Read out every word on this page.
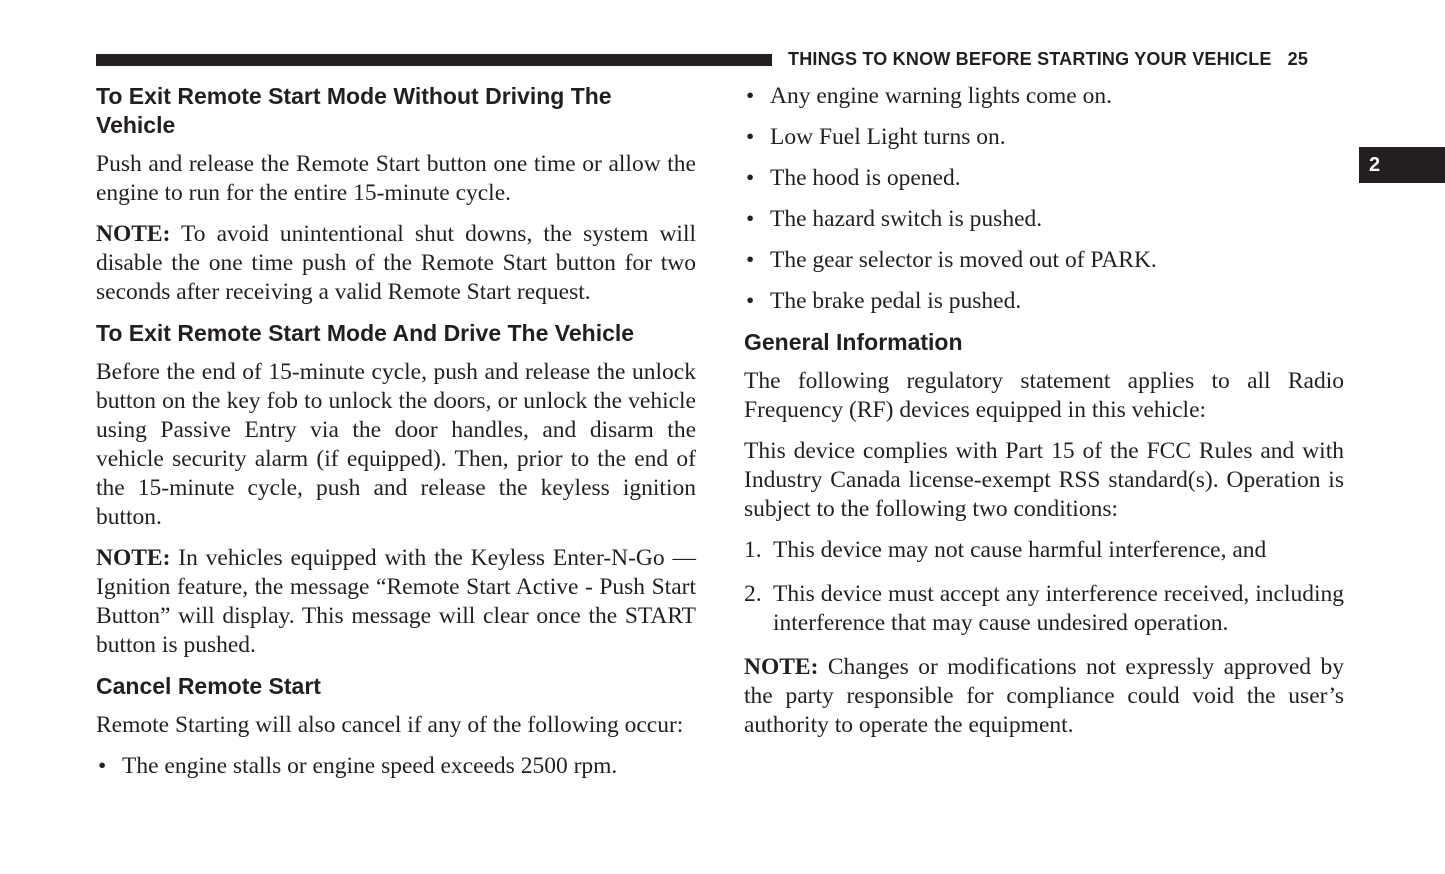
THINGS TO KNOW BEFORE STARTING YOUR VEHICLE 25
2
To Exit Remote Start Mode Without Driving The Vehicle

Push and release the Remote Start button one time or allow the engine to run for the entire 15-minute cycle.

NOTE: To avoid unintentional shut downs, the system will disable the one time push of the Remote Start button for two seconds after receiving a valid Remote Start request.

To Exit Remote Start Mode And Drive The Vehicle

Before the end of 15-minute cycle, push and release the unlock button on the key fob to unlock the doors, or unlock the vehicle using Passive Entry via the door handles, and disarm the vehicle security alarm (if equipped). Then, prior to the end of the 15-minute cycle, push and release the keyless ignition button.

NOTE: In vehicles equipped with the Keyless Enter-N-Go — Ignition feature, the message “Remote Start Active - Push Start Button” will display. This message will clear once the START button is pushed.

Cancel Remote Start

Remote Starting will also cancel if any of the following occur:

• The engine stalls or engine speed exceeds 2500 rpm.
• Any engine warning lights come on.
• Low Fuel Light turns on.
• The hood is opened.
• The hazard switch is pushed.
• The gear selector is moved out of PARK.
• The brake pedal is pushed.
General Information

The following regulatory statement applies to all Radio Frequency (RF) devices equipped in this vehicle:

This device complies with Part 15 of the FCC Rules and with Industry Canada license-exempt RSS standard(s). Operation is subject to the following two conditions:

1. This device may not cause harmful interference, and
2. This device must accept any interference received, including interference that may cause undesired operation.

NOTE: Changes or modifications not expressly approved by the party responsible for compliance could void the user’s authority to operate the equipment.
